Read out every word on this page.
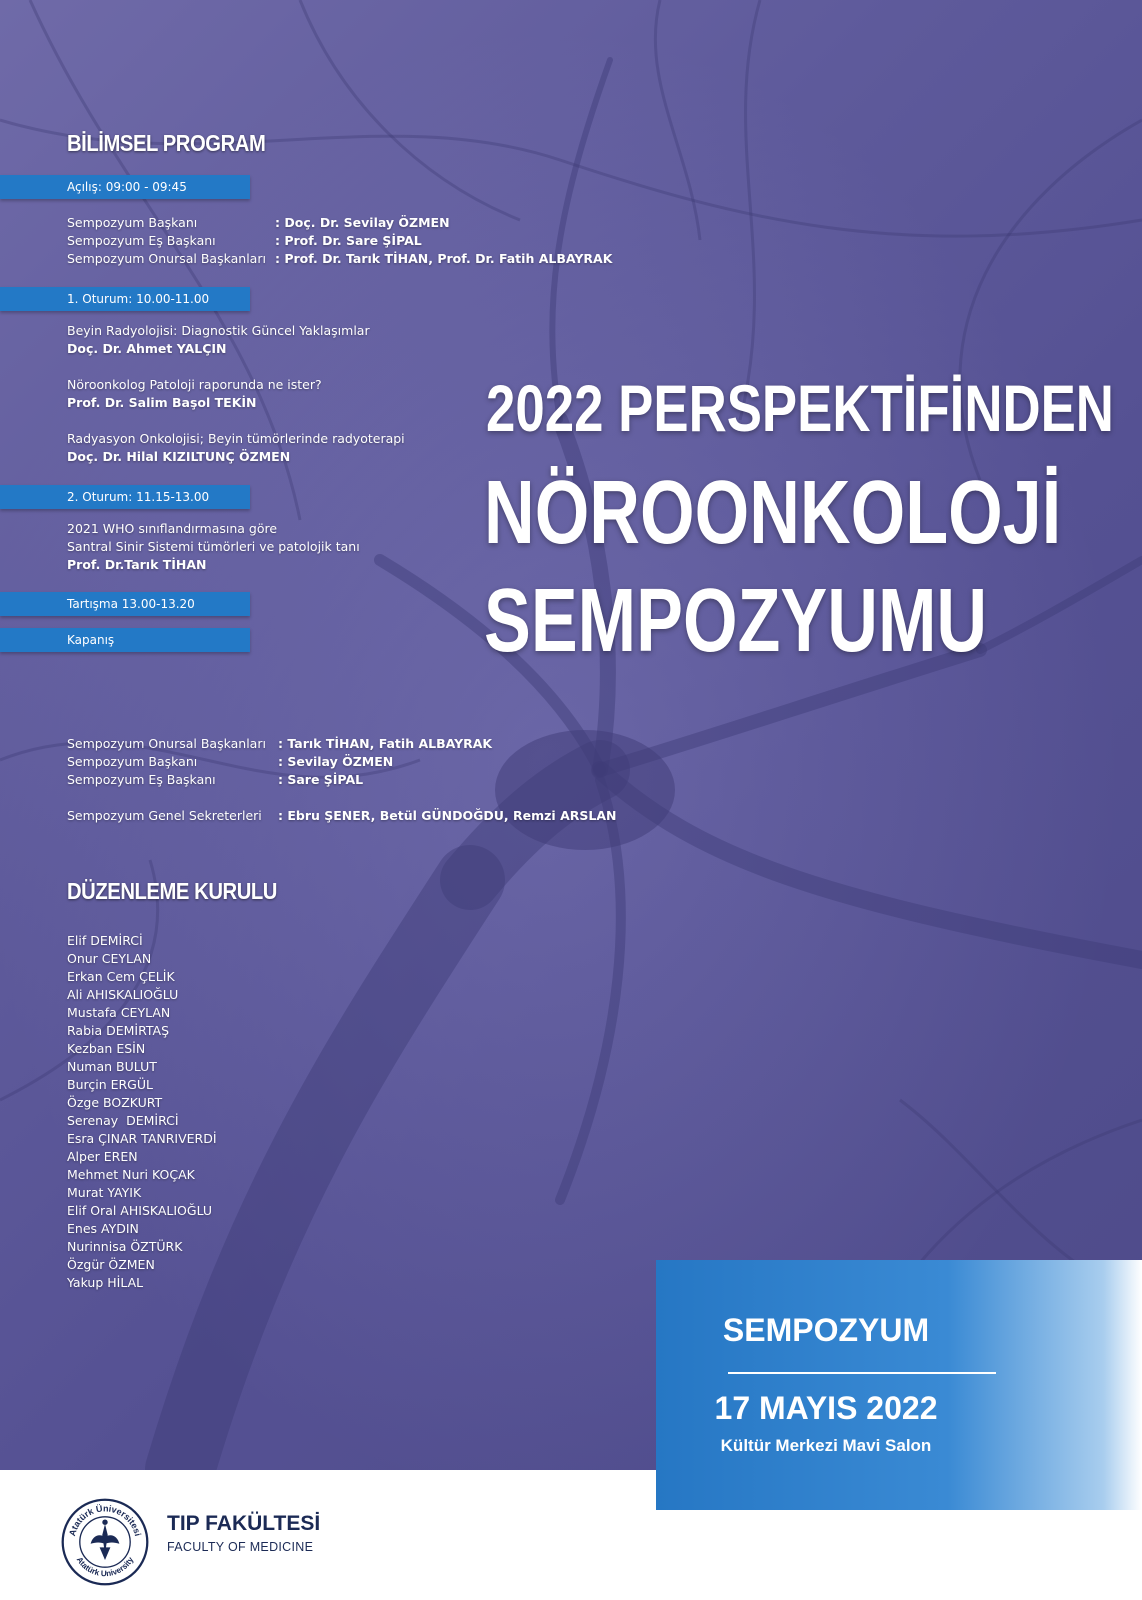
BİLİMSEL PROGRAM
Açılış: 09:00 - 09:45
Sempozyum Başkanı	: Doç. Dr. Sevilay ÖZMEN
Sempozyum Eş Başkanı	: Prof. Dr. Sare ŞİPAL
Sempozyum Onursal Başkanları : Prof. Dr. Tarık TİHAN, Prof. Dr. Fatih ALBAYRAK
1. Oturum: 10.00-11.00
Beyin Radyolojisi: Diagnostik Güncel Yaklaşımlar
Doç. Dr. Ahmet YALÇIN
Nöroonkolog Patoloji raporunda ne ister?
Prof. Dr. Salim Başol TEKİN
Radyasyon Onkolojisi; Beyin tümörlerinde radyoterapi
Doç. Dr. Hilal KIZILTUNÇ ÖZMEN
2. Oturum: 11.15-13.00
2021 WHO sınıflandırmasına göre
Santral Sinir Sistemi tümörleri ve patolojik tanı
Prof. Dr.Tarık TİHAN
Tartışma 13.00-13.20
Kapanış
2022 PERSPEKTİFİNDEN
NÖROONKOLOJİ
SEMPOZYUMU
Sempozyum Onursal Başkanları : Tarık TİHAN, Fatih ALBAYRAK
Sempozyum Başkanı	: Sevilay ÖZMEN
Sempozyum Eş Başkanı	: Sare ŞİPAL
Sempozyum Genel Sekreterleri : Ebru ŞENER, Betül GÜNDOĞDU, Remzi ARSLAN
DÜZENLEME KURULU
Elif DEMİRCİ
Onur CEYLAN
Erkan Cem ÇELİK
Ali AHISKALIOĞLU
Mustafa CEYLAN
Rabia DEMİRTAŞ
Kezban ESİN
Numan BULUT
Burçin ERGÜL
Özge BOZKURT
Serenay  DEMİRCİ
Esra ÇINAR TANRIVERDİ
Alper EREN
Mehmet Nuri KOÇAK
Murat YAYIK
Elif Oral AHISKALIOĞLU
Enes AYDIN
Nurinnisa ÖZTÜRK
Özgür ÖZMEN
Yakup HİLAL
SEMPOZYUM
17 MAYIS 2022
Kültür Merkezi Mavi Salon
Atatürk Üniversitesi
Atatürk University
TIP FAKÜLTESİ
FACULTY OF MEDICINE
